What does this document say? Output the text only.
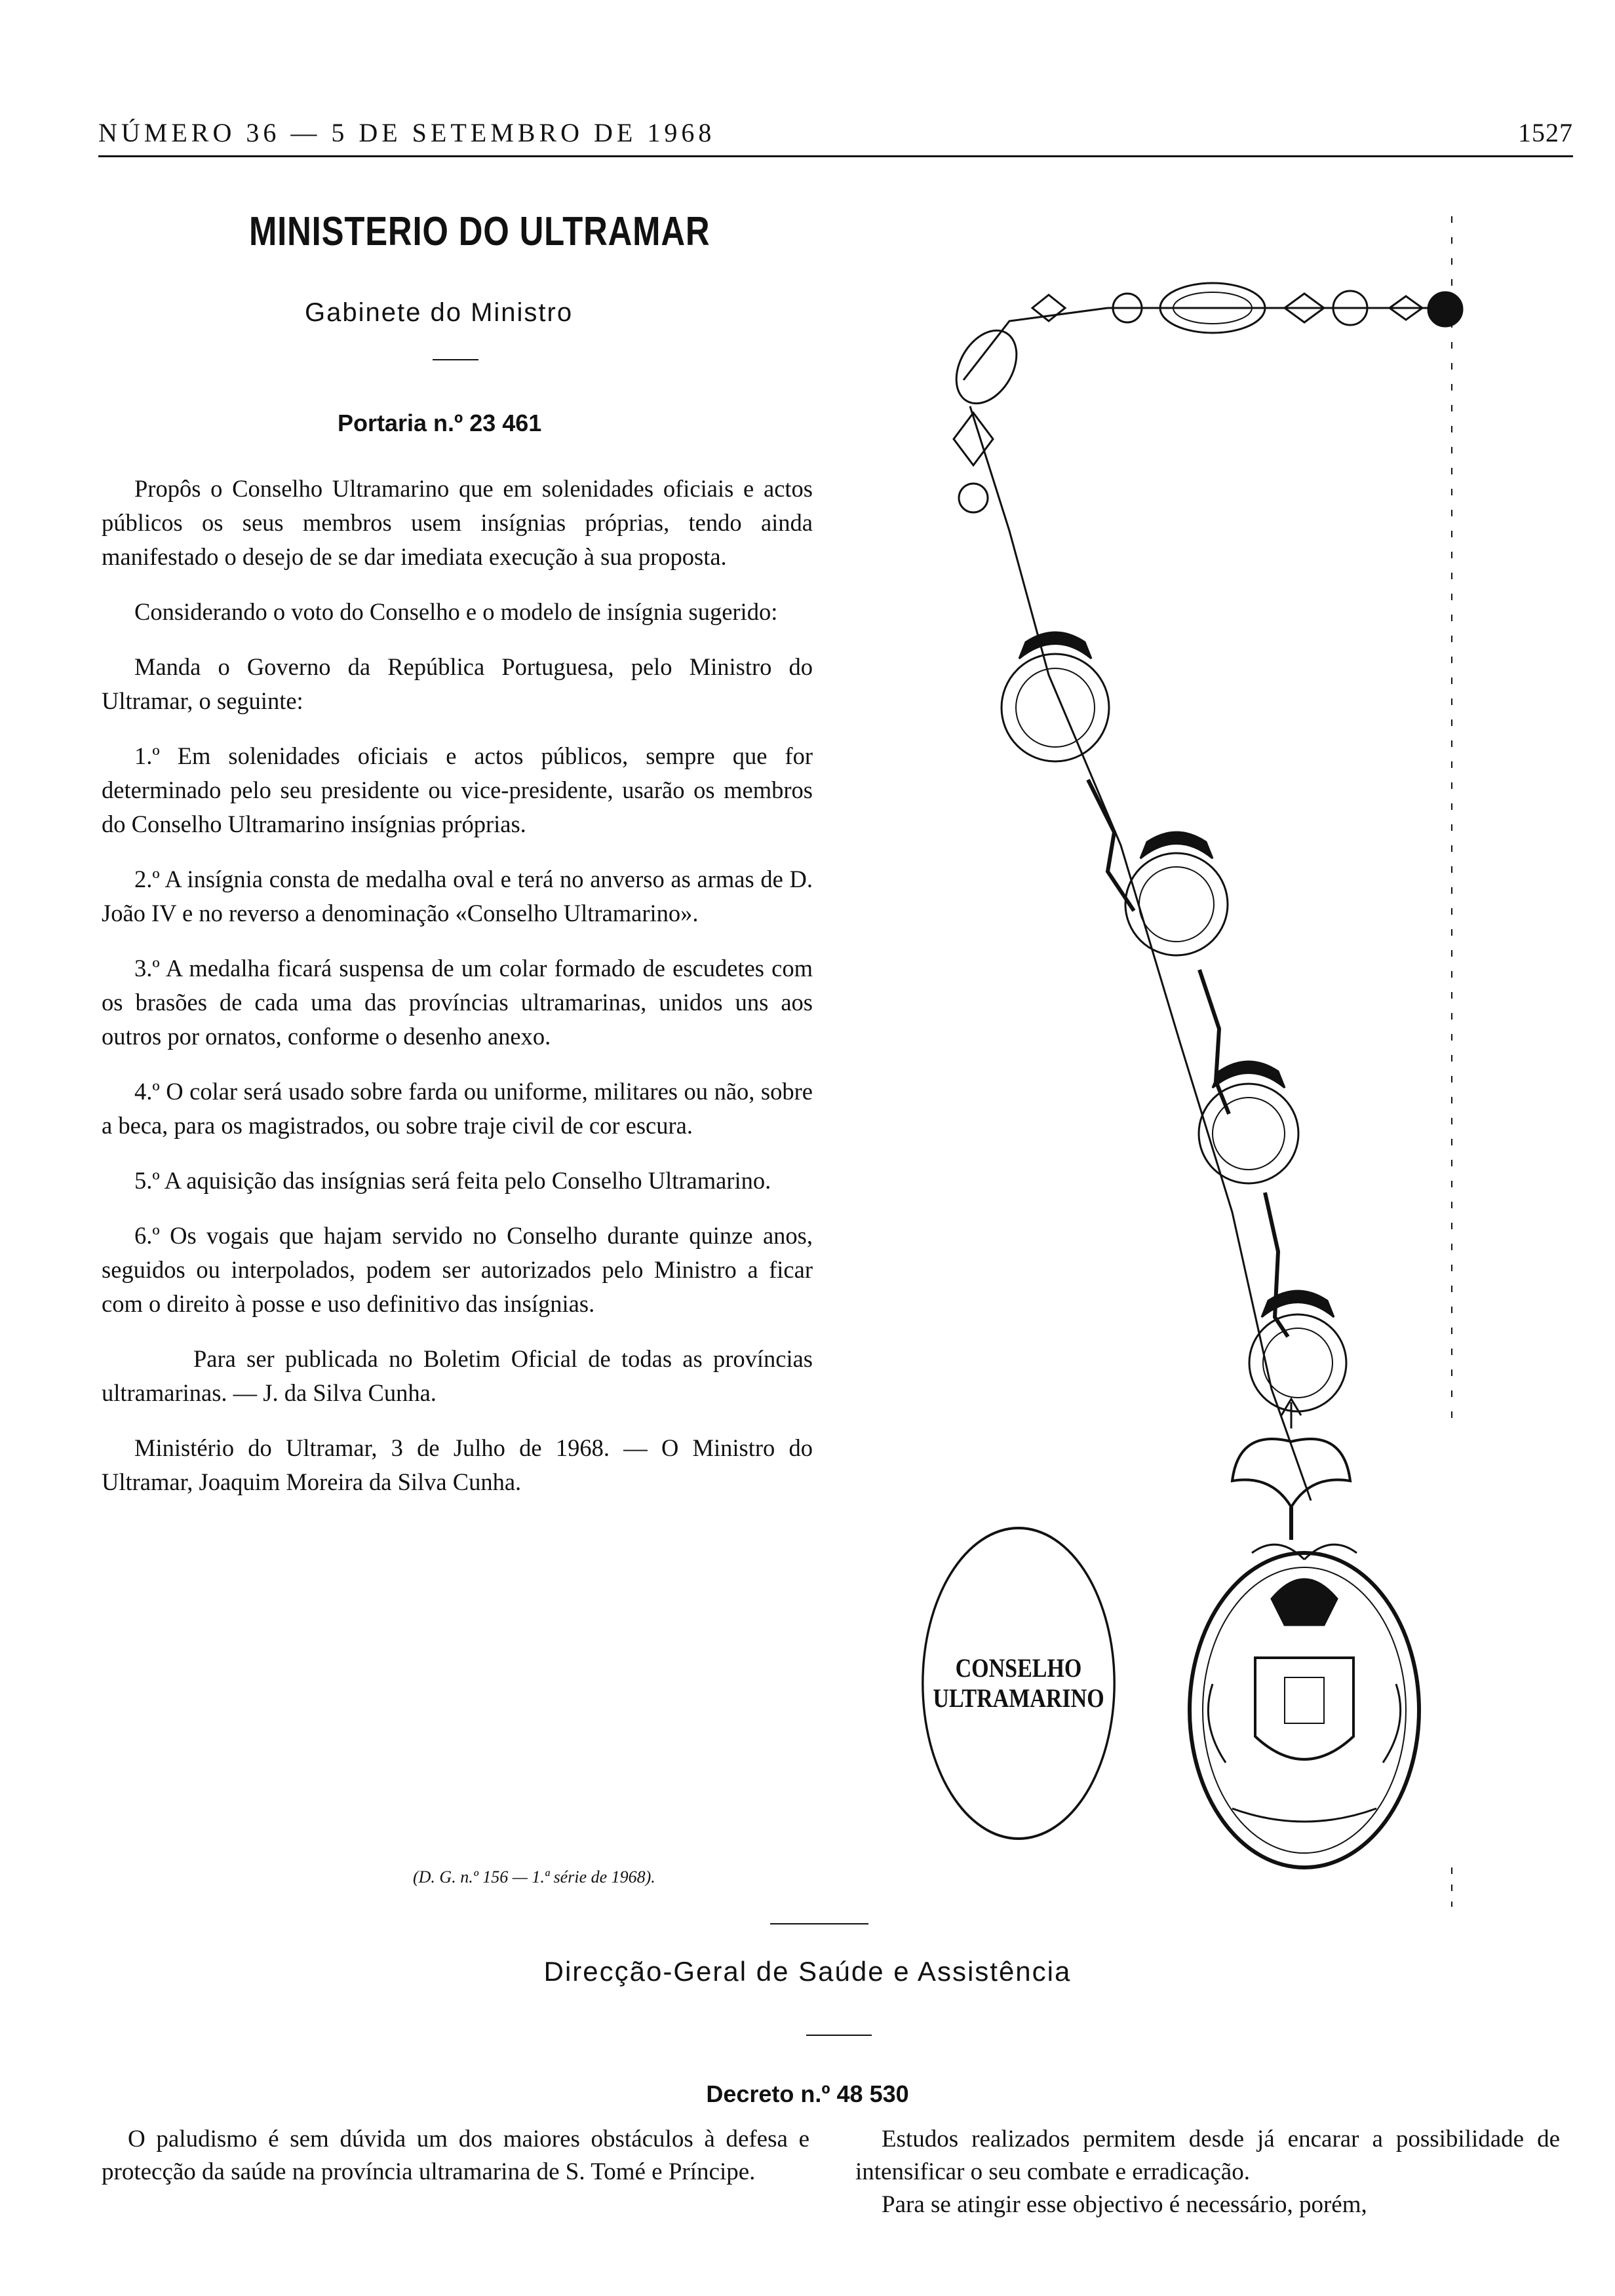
NÚMERO 36 — 5 DE SETEMBRO DE 1968	1527
MINISTERIO DO ULTRAMAR
Gabinete do Ministro
Portaria n.º 23 461

Propôs o Conselho Ultramarino que em solenidades oficiais e actos públicos os seus membros usem insígnias próprias, tendo ainda manifestado o desejo de se dar imediata execução à sua proposta.

Considerando o voto do Conselho e o modelo de insígnia sugerido:

Manda o Governo da República Portuguesa, pelo Ministro do Ultramar, o seguinte:

1.º Em solenidades oficiais e actos públicos, sempre que for determinado pelo seu presidente ou vice-presidente, usarão os membros do Conselho Ultramarino insígnias próprias.

2.º A insígnia consta de medalha oval e terá no anverso as armas de D. João IV e no reverso a denominação «Conselho Ultramarino».

3.º A medalha ficará suspensa de um colar formado de escudetes com os brasões de cada uma das províncias ultramarinas, unidos uns aos outros por ornatos, conforme o desenho anexo.

4.º O colar será usado sobre farda ou uniforme, militares ou não, sobre a beca, para os magistrados, ou sobre traje civil de cor escura.

5.º A aquisição das insígnias será feita pelo Conselho Ultramarino.

6.º Os vogais que hajam servido no Conselho durante quinze anos, seguidos ou interpolados, podem ser autorizados pelo Ministro a ficar com o direito à posse e uso definitivo das insígnias.

Para ser publicada no Boletim Oficial de todas as províncias ultramarinas. — J. da Silva Cunha.

Ministério do Ultramar, 3 de Julho de 1968. — O Ministro do Ultramar, Joaquim Moreira da Silva Cunha.

(D. G. n.º 156 — 1.ª série de 1968).
CONSELHO
ULTRAMARINO
Direcção-Geral de Saúde e Assistência
Decreto n.º 48 530

O paludismo é sem dúvida um dos maiores obstáculos à defesa e protecção da saúde na província ultramarina de S. Tomé e Príncipe.

Estudos realizados permitem desde já encarar a possibilidade de intensificar o seu combate e erradicação.

Para se atingir esse objectivo é necessário, porém,
